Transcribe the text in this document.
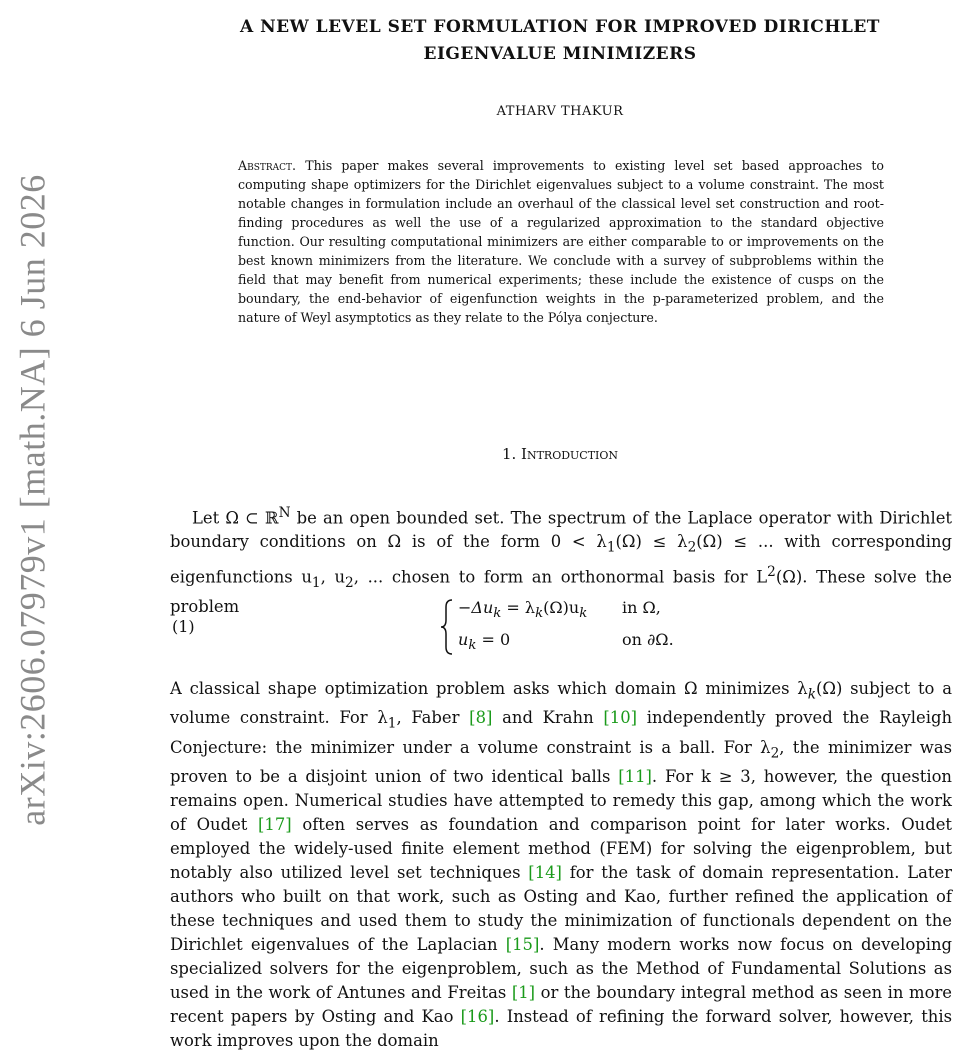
arXiv:2606.07979v1 [math.NA] 6 Jun 2026
A NEW LEVEL SET FORMULATION FOR IMPROVED DIRICHLET
EIGENVALUE MINIMIZERS
ATHARV THAKUR
Abstract. This paper makes several improvements to existing level set based approaches to computing shape optimizers for the Dirichlet eigenvalues subject to a volume constraint. The most notable changes in formulation include an overhaul of the classical level set construction and root-finding procedures as well the use of a regularized approximation to the standard objective function. Our resulting computational minimizers are either comparable to or improvements on the best known minimizers from the literature. We conclude with a survey of subproblems within the field that may benefit from numerical experiments; these include the existence of cusps on the boundary, the end-behavior of eigenfunction weights in the p-parameterized problem, and the nature of Weyl asymptotics as they relate to the Pólya conjecture.
1. Introduction

Let Ω ⊂ ℝ$^N$ be an open bounded set. The spectrum of the Laplace operator with Dirichlet boundary conditions on Ω is of the form $0 < \lambda_1(\Omega) \le \lambda_2(\Omega)$ ≤ ... with corresponding eigenfunctions $u_1$, $u_2$, ... chosen to form an orthonormal basis for $L^2(\Omega)$. These solve the problem

(1)
$-\Delta u_k = \lambda_k(\Omega)u_k$	in Ω,
$u_k = 0$	on ∂Ω.

A classical shape optimization problem asks which domain Ω minimizes $\lambda_k(\Omega)$ subject to a volume constraint. For $\lambda_1$, Faber [8] and Krahn [10] independently proved the Rayleigh Conjecture: the minimizer under a volume constraint is a ball. For $\lambda_2$, the minimizer was proven to be a disjoint union of two identical balls [11]. For k ≥ 3, however, the question remains open. Numerical studies have attempted to remedy this gap, among which the work of Oudet [17] often serves as foundation and comparison point for later works. Oudet employed the widely-used finite element method (FEM) for solving the eigenproblem, but notably also utilized level set techniques [14] for the task of domain representation. Later authors who built on that work, such as Osting and Kao, further refined the application of these techniques and used them to study the minimization of functionals dependent on the Dirichlet eigenvalues of the Laplacian [15]. Many modern works now focus on developing specialized solvers for the eigenproblem, such as the Method of Fundamental Solutions as used in the work of Antunes and Freitas [1] or the boundary integral method as seen in more recent papers by Osting and Kao [16]. Instead of refining the forward solver, however, this work improves upon the domain
